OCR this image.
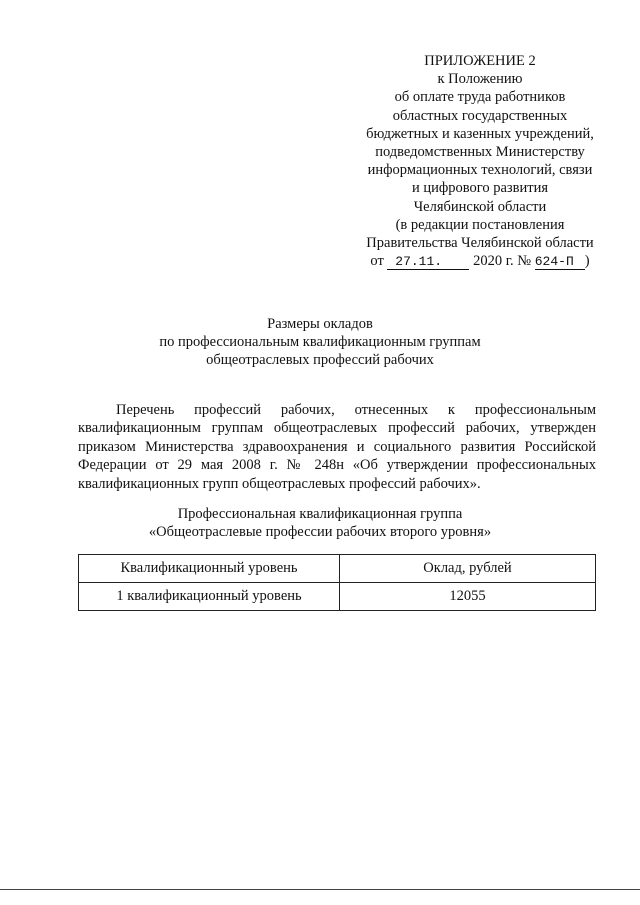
ПРИЛОЖЕНИЕ 2
к Положению
об оплате труда работников
областных государственных
бюджетных и казенных учреждений,
подведомственных Министерству
информационных технологий, связи
и цифрового развития
Челябинской области
(в редакции постановления
Правительства Челябинской области
от 27.11. 2020 г. № 624-П )
Размеры окладов
по профессиональным квалификационным группам
общеотраслевых профессий рабочих
Перечень профессий рабочих, отнесенных к профессиональным квалификационным группам общеотраслевых профессий рабочих, утвержден приказом Министерства здравоохранения и социального развития Российской Федерации от 29 мая 2008 г. № 248н «Об утверждении профессиональных квалификационных групп общеотраслевых профессий рабочих».
Профессиональная квалификационная группа
«Общеотраслевые профессии рабочих второго уровня»
Квалификационный уровень	Оклад, рублей
1 квалификационный уровень	12055
